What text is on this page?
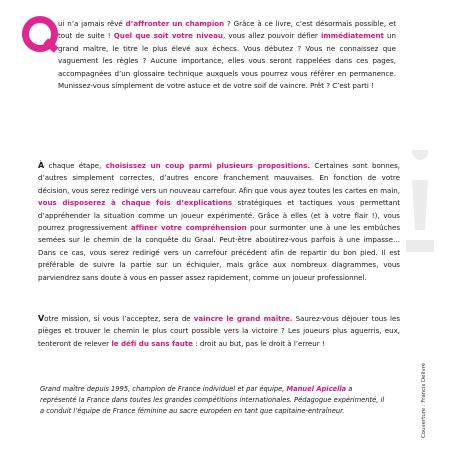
ui n’a jamais rêvé d’affronter un champion ? Grâce à ce livre, c’est désormais possible, et tout de suite ! Quel que soit votre niveau, vous allez pouvoir défier immédiatement un grand maître, le titre le plus élevé aux échecs. Vous débutez ? Vous ne connaissez que vaguement les règles ? Aucune importance, elles vous seront rappelées dans ces pages, accompagnées d’un glossaire technique auxquels vous pourrez vous référer en permanence. Munissez-vous simplement de votre astuce et de votre soif de vaincre. Prêt ? C’est parti !
À chaque étape, choisissez un coup parmi plusieurs propositions. Certaines sont bonnes, d’autres simplement correctes, d’autres encore franchement mauvaises. En fonction de votre décision, vous serez redirigé vers un nouveau carrefour. Afin que vous ayez toutes les cartes en main, vous disposerez à chaque fois d’explications stratégiques et tactiques vous permettant d’appréhender la situation comme un joueur expérimenté. Grâce à elles (et à votre flair !), vous pourrez progressivement affiner votre compréhension pour surmonter une à une les embûches semées sur le chemin de la conquête du Graal. Peut-être aboutirez-vous parfois à une impasse… Dans ce cas, vous serez redirigé vers un carrefour précédent afin de repartir du bon pied. Il est préférable de suivre la partie sur un échiquier, mais grâce aux nombreux diagrammes, vous parviendrez sans doute à vous en passer assez rapidement, comme un joueur professionnel.
Votre mission, si vous l’acceptez, sera de vaincre le grand maître. Saurez-vous déjouer tous les pièges et trouver le chemin le plus court possible vers la victoire ? Les joueurs plus aguerris, eux, tenteront de relever le défi du sans faute : droit au but, pas le droit à l’erreur !
Grand maître depuis 1995, champion de France individuel et par équipe, Manuel Apicella a représenté la France dans toutes les grandes compétitions internationales. Pédagogue expérimenté, il a conduit l’équipe de France féminine au sacre européen en tant que capitaine-entraîneur.	Couverture : Francis Delivré
